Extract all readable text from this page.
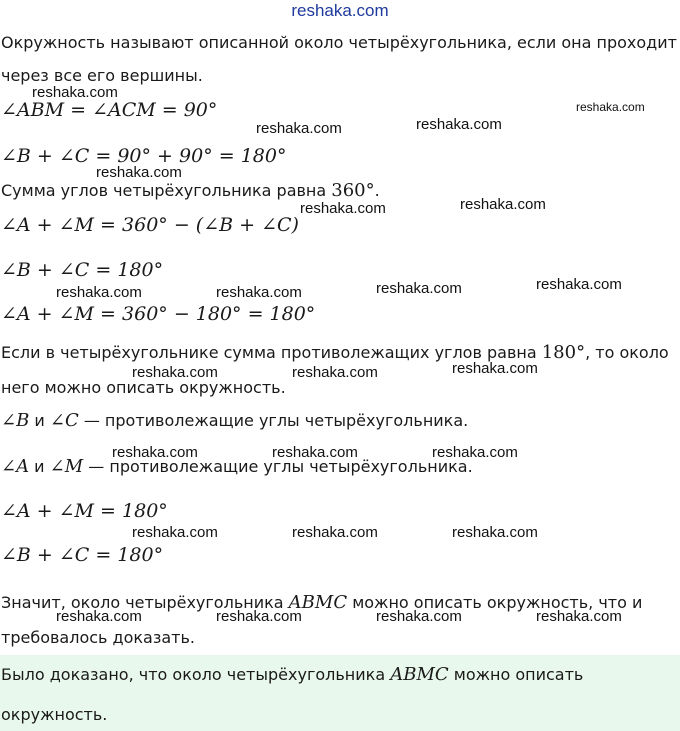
reshaka.com
Окружность называют описанной около четырёхугольника, если она проходит
через все его вершины.
∠ABM = ∠ACM = 90°
∠B + ∠C = 90° + 90° = 180°
Сумма углов четырёхугольника равна 360°.
∠A + ∠M = 360° − (∠B + ∠C)
∠B + ∠C = 180°
∠A + ∠M = 360° − 180° = 180°
Если в четырёхугольнике сумма противолежащих углов равна 180°, то около
него можно описать окружность.
∠B и ∠C — противолежащие углы четырёхугольника.
∠A и ∠M — противолежащие углы четырёхугольника.
∠A + ∠M = 180°
∠B + ∠C = 180°
Значит, около четырёхугольника ABMC можно описать окружность, что и
требовалось доказать.
Было доказано, что около четырёхугольника ABMC можно описать
окружность.
reshaka.com
reshaka.com
reshaka.com	reshaka.com
reshaka.com
reshaka.com	reshaka.com
reshaka.com	reshaka.com	reshaka.com	reshaka.com
reshaka.com	reshaka.com	reshaka.com
reshaka.com	reshaka.com	reshaka.com
reshaka.com	reshaka.com	reshaka.com
reshaka.com	reshaka.com	reshaka.com	reshaka.com
